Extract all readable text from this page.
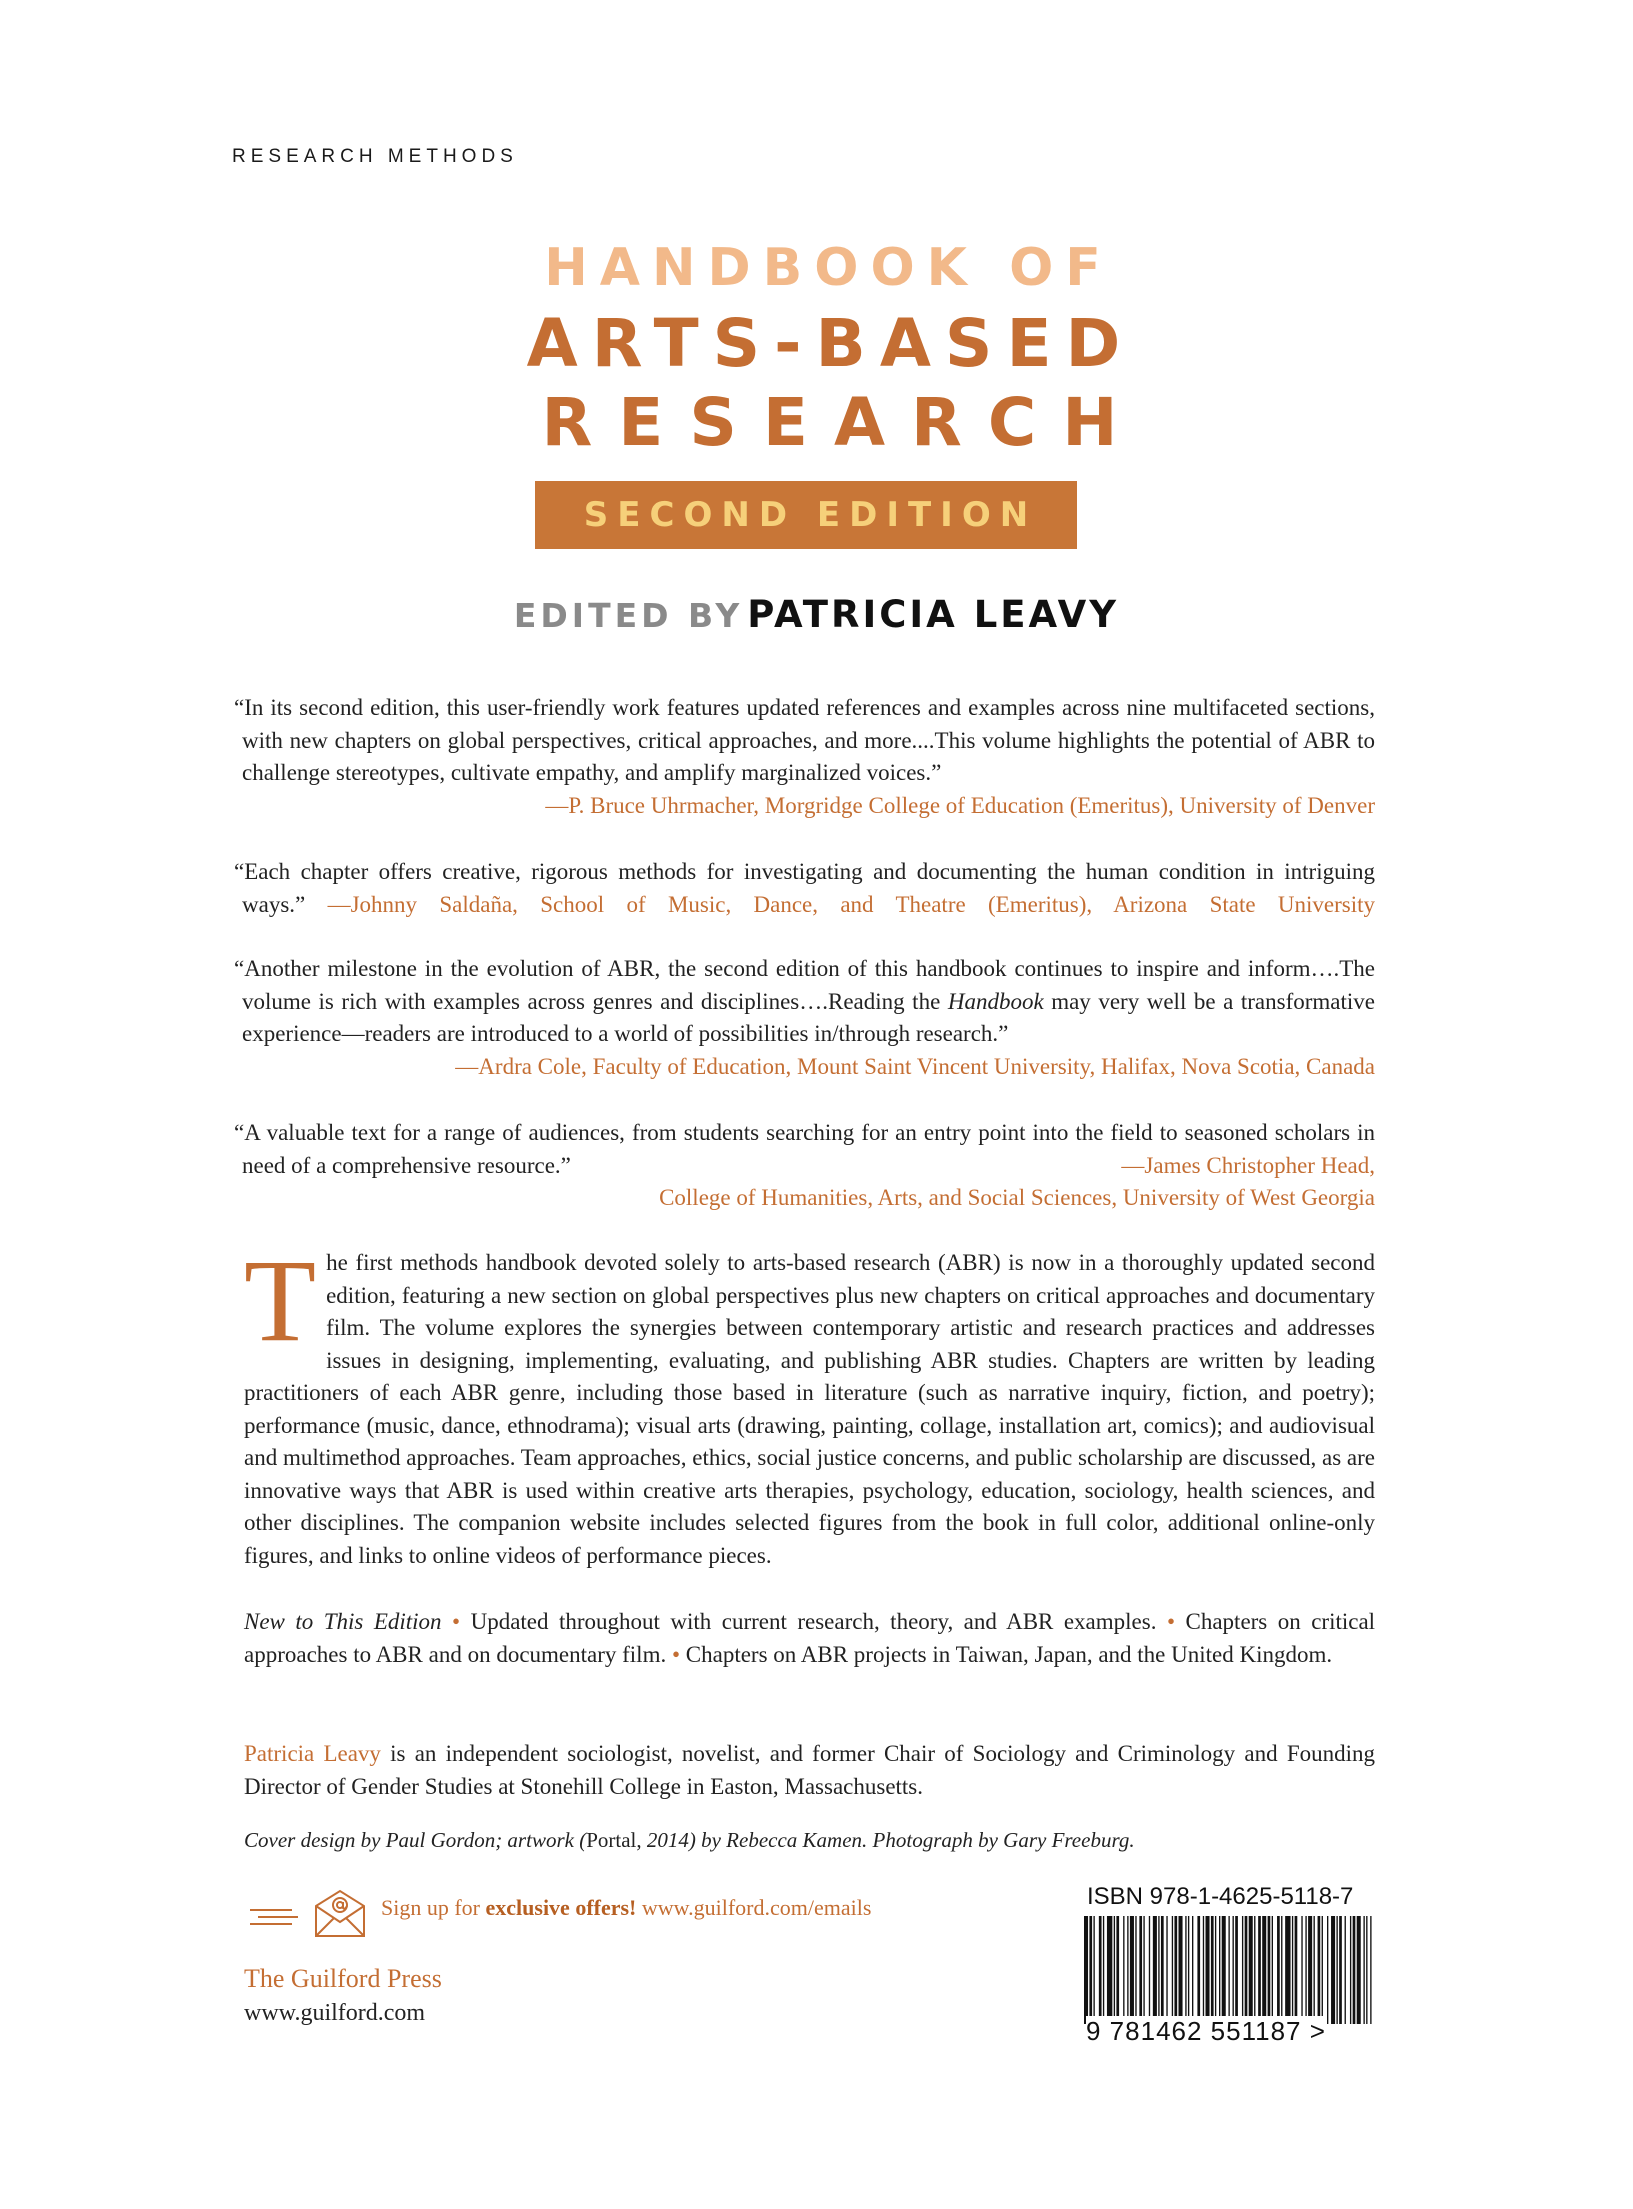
RESEARCH METHODS
HANDBOOK OF
ARTS-BASED
RESEARCH
SECOND EDITION
EDITED BY PATRICIA LEAVY
“In its second edition, this user-friendly work features updated references and examples across nine multifaceted sections, with new chapters on global perspectives, critical approaches, and more....This volume highlights the potential of ABR to challenge stereotypes, cultivate empathy, and amplify marginalized voices.”
—P. Bruce Uhrmacher, Morgridge College of Education (Emeritus), University of Denver
“Each chapter offers creative, rigorous methods for investigating and documenting the human condition in intriguing ways.” —Johnny Saldaña, School of Music, Dance, and Theatre (Emeritus), Arizona State University
“Another milestone in the evolution of ABR, the second edition of this handbook continues to inspire and inform….The volume is rich with examples across genres and disciplines….Reading the Handbook may very well be a transformative experience—readers are introduced to a world of possibilities in/through research.”
—Ardra Cole, Faculty of Education, Mount Saint Vincent University, Halifax, Nova Scotia, Canada
“A valuable text for a range of audiences, from students searching for an entry point into the field to seasoned scholars in need of a comprehensive resource.”	—James Christopher Head,
College of Humanities, Arts, and Social Sciences, University of West Georgia
The first methods handbook devoted solely to arts-based research (ABR) is now in a thoroughly updated second edition, featuring a new section on global perspectives plus new chapters on critical approaches and documentary film. The volume explores the synergies between contemporary artistic and research practices and addresses issues in designing, implementing, evaluating, and publishing ABR studies. Chapters are written by leading practitioners of each ABR genre, including those based in literature (such as narrative inquiry, fiction, and poetry); performance (music, dance, ethnodrama); visual arts (drawing, painting, collage, installation art, comics); and audiovisual and multimethod approaches. Team approaches, ethics, social justice concerns, and public scholarship are discussed, as are innovative ways that ABR is used within creative arts therapies, psychology, education, sociology, health sciences, and other disciplines. The companion website includes selected figures from the book in full color, additional online-only figures, and links to online videos of performance pieces.
New to This Edition • Updated throughout with current research, theory, and ABR examples. • Chapters on critical approaches to ABR and on documentary film. • Chapters on ABR projects in Taiwan, Japan, and the United Kingdom.
Patricia Leavy is an independent sociologist, novelist, and former Chair of Sociology and Criminology and Founding Director of Gender Studies at Stonehill College in Easton, Massachusetts.
Cover design by Paul Gordon; artwork (Portal, 2014) by Rebecca Kamen. Photograph by Gary Freeburg.
Sign up for exclusive offers! www.guilford.com/emails
The Guilford Press
www.guilford.com
ISBN 978-1-4625-5118-7
9 781462 551187 >
